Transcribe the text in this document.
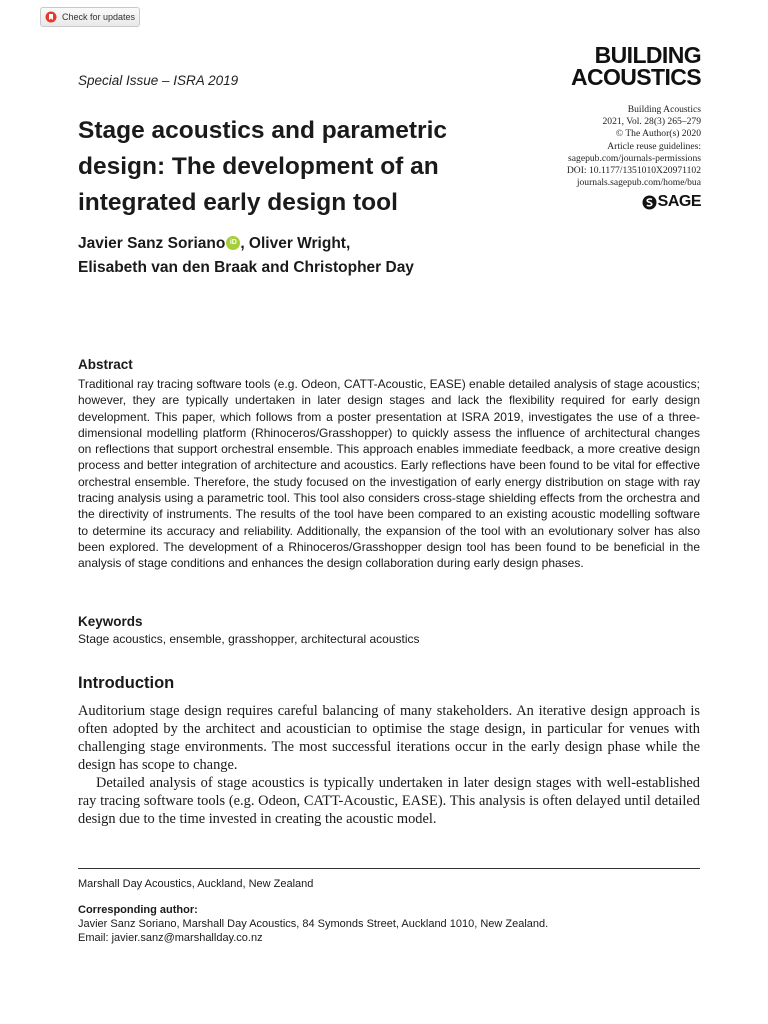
Check for updates
Special Issue – ISRA 2019
BUILDING
ACOUSTICS
Building Acoustics
2021, Vol. 28(3) 265–279
© The Author(s) 2020
Article reuse guidelines:
sagepub.com/journals-permissions
DOI: 10.1177/1351010X20971102
journals.sagepub.com/home/bua
SAGE
Stage acoustics and parametric design: The development of an integrated early design tool
Javier Sanz Soriano iD , Oliver Wright,
Elisabeth van den Braak and Christopher Day
Abstract

Traditional ray tracing software tools (e.g. Odeon, CATT-Acoustic, EASE) enable detailed analysis of stage acoustics; however, they are typically undertaken in later design stages and lack the flexibility required for early design development. This paper, which follows from a poster presentation at ISRA 2019, investigates the use of a three-dimensional modelling platform (Rhinoceros/Grasshopper) to quickly assess the influence of architectural changes on reflections that support orchestral ensemble. This approach enables immediate feedback, a more creative design process and better integration of architecture and acoustics. Early reflections have been found to be vital for effective orchestral ensemble. Therefore, the study focused on the investigation of early energy distribution on stage with ray tracing analysis using a parametric tool. This tool also considers cross-stage shielding effects from the orchestra and the directivity of instruments. The results of the tool have been compared to an existing acoustic modelling software to determine its accuracy and reliability. Additionally, the expansion of the tool with an evolutionary solver has also been explored. The development of a Rhinoceros/Grasshopper design tool has been found to be beneficial in the analysis of stage conditions and enhances the design collaboration during early design phases.

Keywords

Stage acoustics, ensemble, grasshopper, architectural acoustics

Introduction

Auditorium stage design requires careful balancing of many stakeholders. An iterative design approach is often adopted by the architect and acoustician to optimise the stage design, in particular for venues with challenging stage environments. The most successful iterations occur in the early design phase while the design has scope to change.

Detailed analysis of stage acoustics is typically undertaken in later design stages with well-established ray tracing software tools (e.g. Odeon, CATT-Acoustic, EASE). This analysis is often delayed until detailed design due to the time invested in creating the acoustic model.

Marshall Day Acoustics, Auckland, New Zealand

Corresponding author:
Javier Sanz Soriano, Marshall Day Acoustics, 84 Symonds Street, Auckland 1010, New Zealand.
Email: javier.sanz@marshallday.co.nz
